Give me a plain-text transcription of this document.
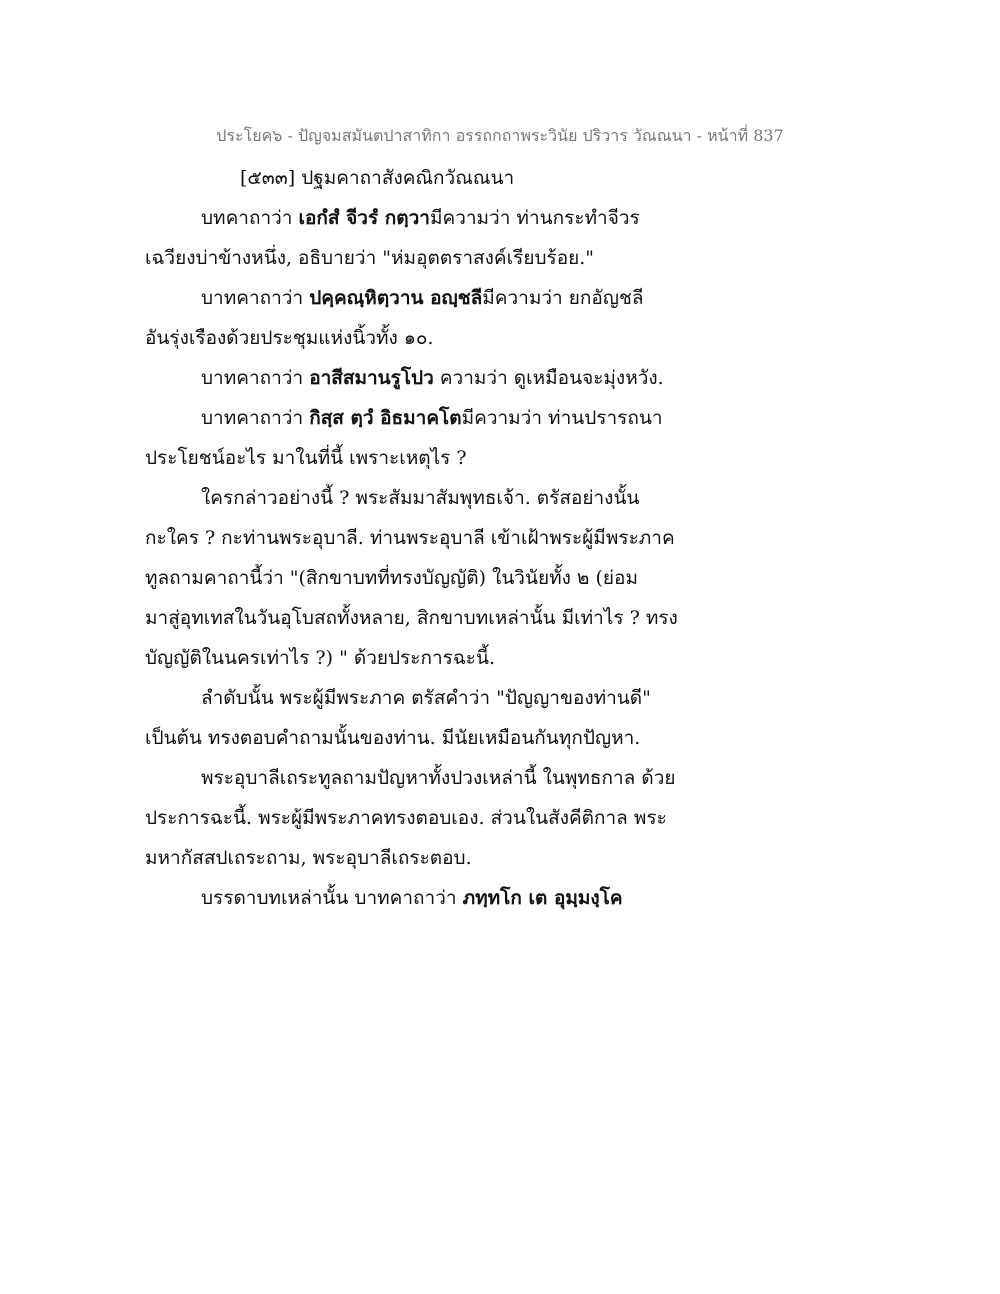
ประโยค๖ - ปัญจมสมันตปาสาทิกา อรรถกถาพระวินัย ปริวาร วัณณนา - หน้าที่ 837
[๕๓๓] ปฐมคาถาสังคณิกวัณณนา
บทคาถาว่า เอกํสํ จีวรํ กตฺวามีความว่า ท่านกระทำจีวร
เฉวียงบ่าข้างหนึ่ง, อธิบายว่า "ห่มอุตตราสงค์เรียบร้อย."
บาทคาถาว่า ปคฺคณฺหิตฺวาน อญฺชลีมีความว่า ยกอัญชลี
อันรุ่งเรืองด้วยประชุมแห่งนิ้วทั้ง ๑๐.
บาทคาถาว่า อาสีสมานรูโปว ความว่า ดูเหมือนจะมุ่งหวัง.
บาทคาถาว่า กิสฺส ตฺวํ อิธมาคโตมีความว่า ท่านปรารถนา
ประโยชน์อะไร มาในที่นี้ เพราะเหตุไร ?
ใครกล่าวอย่างนี้ ? พระสัมมาสัมพุทธเจ้า. ตรัสอย่างนั้น
กะใคร ? กะท่านพระอุบาลี. ท่านพระอุบาลี เข้าเฝ้าพระผู้มีพระภาค
ทูลถามคาถานี้ว่า "(สิกขาบทที่ทรงบัญญัติ) ในวินัยทั้ง ๒ (ย่อม
มาสู่อุทเทสในวันอุโบสถทั้งหลาย, สิกขาบทเหล่านั้น มีเท่าไร ? ทรง
บัญญัติในนครเท่าไร ?) " ด้วยประการฉะนี้.
ลำดับนั้น พระผู้มีพระภาค ตรัสคำว่า "ปัญญาของท่านดี"
เป็นต้น ทรงตอบคำถามนั้นของท่าน. มีนัยเหมือนกันทุกปัญหา.
พระอุบาลีเถระทูลถามปัญหาทั้งปวงเหล่านี้ ในพุทธกาล ด้วย
ประการฉะนี้. พระผู้มีพระภาคทรงตอบเอง. ส่วนในสังคีติกาล พระ
มหากัสสปเถระถาม, พระอุบาลีเถระตอบ.
บรรดาบทเหล่านั้น บาทคาถาว่า ภทฺทโก เต อุมฺมงฺโค
